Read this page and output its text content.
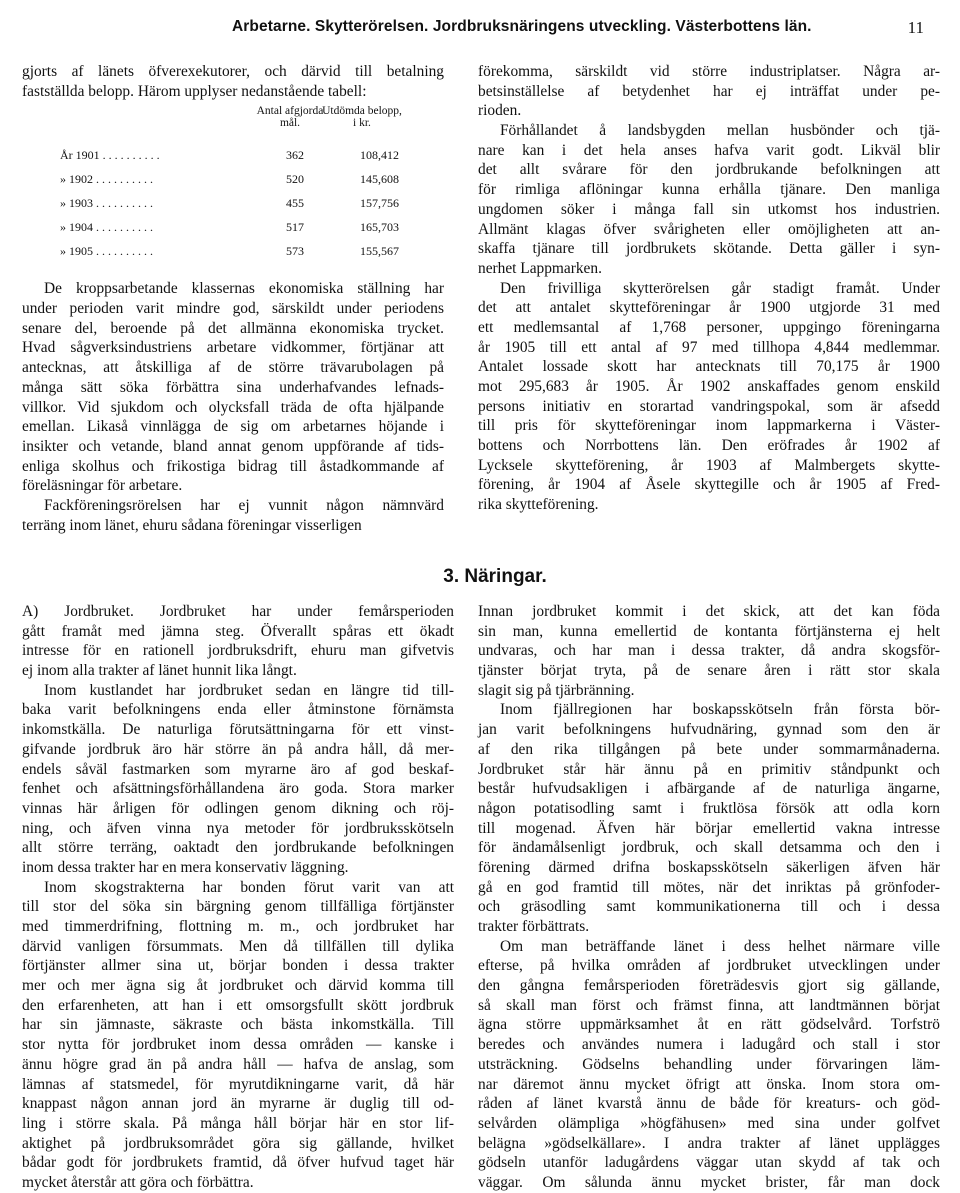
Arbetarne. Skytterörelsen. Jordbruksnäringens utveckling. Västerbottens län.	11
gjorts af länets öfverexekutorer, och därvid till betalning
fastställda belopp. Härom upplyser nedanstående tabell:
Antal afgjorda mål.
Utdömda belopp, i kr.
År 1901 . . . . . . . . . .	362	108,412
» 1902 . . . . . . . . . .	520	145,608
» 1903 . . . . . . . . . .	455	157,756
» 1904 . . . . . . . . . .	517	165,703
» 1905 . . . . . . . . . .	573	155,567
De kroppsarbetande klassernas ekonomiska ställning har
under perioden varit mindre god, särskildt under periodens
senare del, beroende på det allmänna ekonomiska trycket.
Hvad sågverksindustriens arbetare vidkommer, förtjänar att
antecknas, att åtskilliga af de större trävarubolagen på
många sätt söka förbättra sina underhafvandes lefnads-
villkor. Vid sjukdom och olycksfall träda de ofta hjälpande
emellan. Likaså vinnlägga de sig om arbetarnes höjande i
insikter och vetande, bland annat genom uppförande af tids-
enliga skolhus och frikostiga bidrag till åstadkommande af
föreläsningar för arbetare.
Fackföreningsrörelsen har ej vunnit någon nämnvärd
terräng inom länet, ehuru sådana föreningar visserligen
förekomma, särskildt vid större industriplatser. Några ar-
betsinställelse af betydenhet har ej inträffat under pe-
rioden.
Förhållandet å landsbygden mellan husbönder och tjä-
nare kan i det hela anses hafva varit godt. Likväl blir
det allt svårare för den jordbrukande befolkningen att
för rimliga aflöningar kunna erhålla tjänare. Den manliga
ungdomen söker i många fall sin utkomst hos industrien.
Allmänt klagas öfver svårigheten eller omöjligheten att an-
skaffa tjänare till jordbrukets skötande. Detta gäller i syn-
nerhet Lappmarken.
Den frivilliga skytterörelsen går stadigt framåt. Under
det att antalet skytteföreningar år 1900 utgjorde 31 med
ett medlemsantal af 1,768 personer, uppgingo föreningarna
år 1905 till ett antal af 97 med tillhopa 4,844 medlemmar.
Antalet lossade skott har antecknats till 70,175 år 1900
mot 295,683 år 1905. År 1902 anskaffades genom enskild
persons initiativ en storartad vandringspokal, som är afsedd
till pris för skytteföreningar inom lappmarkerna i Väster-
bottens och Norrbottens län. Den eröfrades år 1902 af
Lycksele skytteförening, år 1903 af Malmbergets skytte-
förening, år 1904 af Åsele skyttegille och år 1905 af Fred-
rika skytteförening.
3. Näringar.
A) Jordbruket. Jordbruket har under femårsperioden
gått framåt med jämna steg. Öfverallt spåras ett ökadt
intresse för en rationell jordbruksdrift, ehuru man gifvetvis
ej inom alla trakter af länet hunnit lika långt.
Inom kustlandet har jordbruket sedan en längre tid till-
baka varit befolkningens enda eller åtminstone förnämsta
inkomstkälla. De naturliga förutsättningarna för ett vinst-
gifvande jordbruk äro här större än på andra håll, då mer-
endels såväl fastmarken som myrarne äro af god beskaf-
fenhet och afsättningsförhållandena äro goda. Stora marker
vinnas här årligen för odlingen genom dikning och röj-
ning, och äfven vinna nya metoder för jordbruksskötseln
allt större terräng, oaktadt den jordbrukande befolkningen
inom dessa trakter har en mera konservativ läggning.
Inom skogstrakterna har bonden förut varit van att
till stor del söka sin bärgning genom tillfälliga förtjänster
med timmerdrifning, flottning m. m., och jordbruket har
därvid vanligen försummats. Men då tillfällen till dylika
förtjänster allmer sina ut, börjar bonden i dessa trakter
mer och mer ägna sig åt jordbruket och därvid komma till
den erfarenheten, att han i ett omsorgsfullt skött jordbruk
har sin jämnaste, säkraste och bästa inkomstkälla. Till
stor nytta för jordbruket inom dessa områden — kanske i
ännu högre grad än på andra håll — hafva de anslag, som
lämnas af statsmedel, för myrutdikningarne varit, då här
knappast någon annan jord än myrarne är duglig till od-
ling i större skala. På många håll börjar här en stor lif-
aktighet på jordbruksområdet göra sig gällande, hvilket
bådar godt för jordbrukets framtid, då öfver hufvud taget här
mycket återstår att göra och förbättra.
Innan jordbruket kommit i det skick, att det kan föda
sin man, kunna emellertid de kontanta förtjänsterna ej helt
undvaras, och har man i dessa trakter, då andra skogsför-
tjänster börjat tryta, på de senare åren i rätt stor skala
slagit sig på tjärbränning.
Inom fjällregionen har boskapsskötseln från första bör-
jan varit befolkningens hufvudnäring, gynnad som den är
af den rika tillgången på bete under sommarmånaderna.
Jordbruket står här ännu på en primitiv ståndpunkt och
består hufvudsakligen i afbärgande af de naturliga ängarne,
någon potatisodling samt i fruktlösa försök att odla korn
till mogenad. Äfven här börjar emellertid vakna intresse
för ändamålsenligt jordbruk, och skall detsamma och den i
förening därmed drifna boskapsskötseln säkerligen äfven här
gå en god framtid till mötes, när det inriktas på grönfoder-
och gräsodling samt kommunikationerna till och i dessa
trakter förbättrats.
Om man beträffande länet i dess helhet närmare ville
efterse, på hvilka områden af jordbruket utvecklingen under
den gångna femårsperioden företrädesvis gjort sig gällande,
så skall man först och främst finna, att landtmännen börjat
ägna större uppmärksamhet åt en rätt gödselvård. Torfströ
beredes och användes numera i ladugård och stall i stor
utsträckning. Gödselns behandling under förvaringen läm-
nar däremot ännu mycket öfrigt att önska. Inom stora om-
råden af länet kvarstå ännu de både för kreaturs- och göd-
selvården olämpliga »högfähusen» med sina under golfvet
belägna »gödselkällare». I andra trakter af länet upplägges
gödseln utanför ladugårdens väggar utan skydd af tak och
väggar. Om sålunda ännu mycket brister, får man dock
